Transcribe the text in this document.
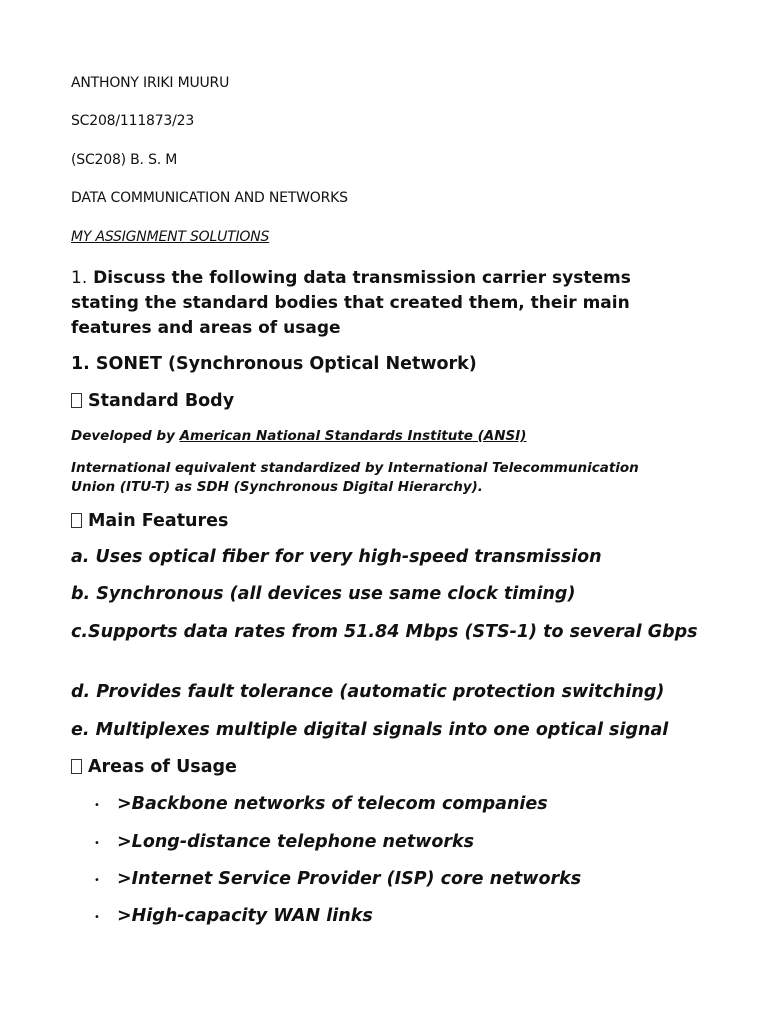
ANTHONY IRIKI MUURU
SC208/111873/23
(SC208) B. S. M
DATA COMMUNICATION AND NETWORKS
MY ASSIGNMENT SOLUTIONS
1. Discuss the following data transmission carrier systems stating the standard bodies that created them, their main features and areas of usage
1. SONET (Synchronous Optical Network)
Standard Body
Developed by American National Standards Institute (ANSI)
International equivalent standardized by International Telecommunication Union (ITU-T) as SDH (Synchronous Digital Hierarchy).
Main Features
a. Uses optical fiber for very high-speed transmission
b. Synchronous (all devices use same clock timing)
c.Supports data rates from 51.84 Mbps (STS-1) to several Gbps
d. Provides fault tolerance (automatic protection switching)
e. Multiplexes multiple digital signals into one optical signal
Areas of Usage
• >Backbone networks of telecom companies
• >Long-distance telephone networks
• >Internet Service Provider (ISP) core networks
• >High-capacity WAN links
